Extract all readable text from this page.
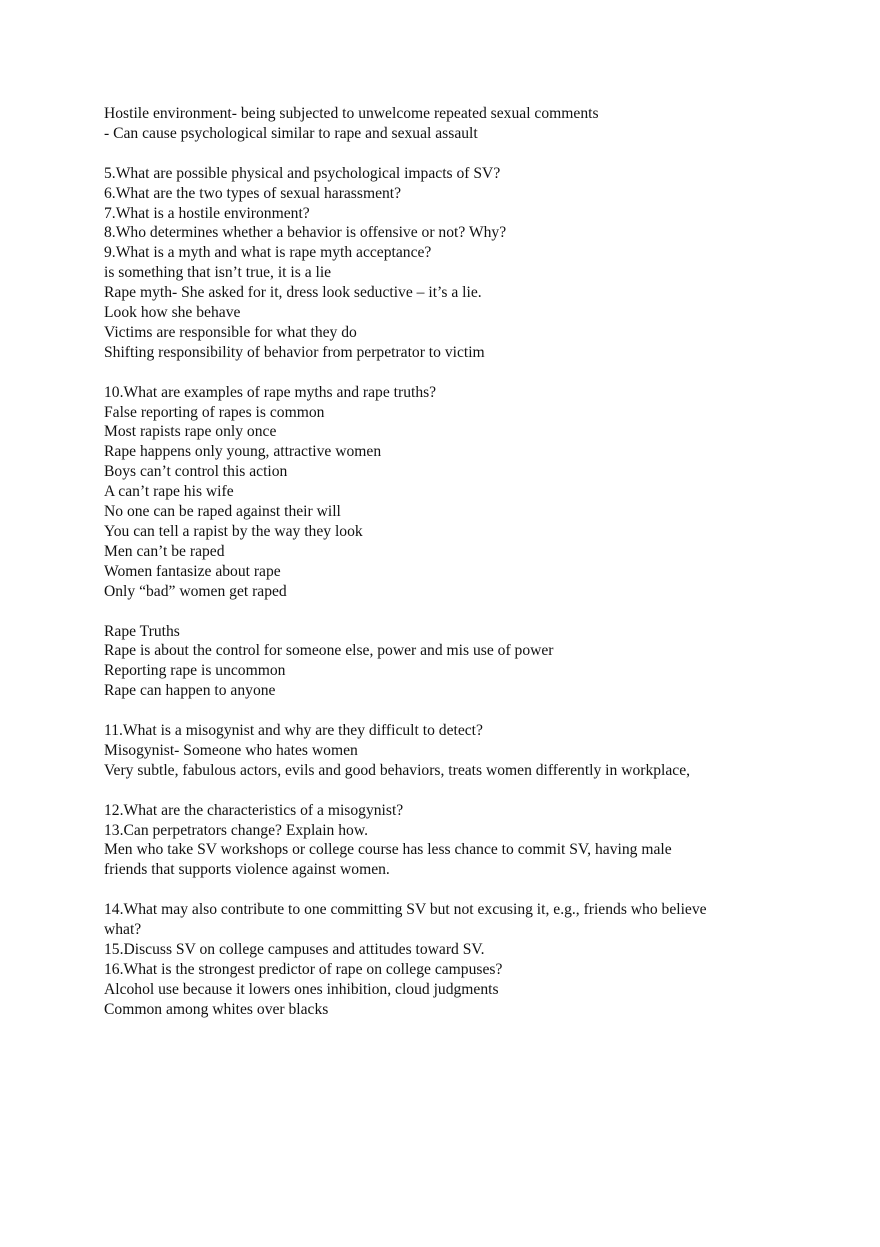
Hostile environment- being subjected to unwelcome repeated sexual comments
- Can cause psychological similar to rape and sexual assault
5.What are possible physical and psychological impacts of SV?
6.What are the two types of sexual harassment?
7.What is a hostile environment?
8.Who determines whether a behavior is offensive or not? Why?
9.What is a myth and what is rape myth acceptance?
is something that isn’t true, it is a lie
Rape myth- She asked for it, dress look seductive – it’s a lie.
Look how she behave
Victims are responsible for what they do
Shifting responsibility of behavior from perpetrator to victim
10.What are examples of rape myths and rape truths?
False reporting of rapes is common
Most rapists rape only once
Rape happens only young, attractive women
Boys can’t control this action
A can’t rape his wife
No one can be raped against their will
You can tell a rapist by the way they look
Men can’t be raped
Women fantasize about rape
Only “bad” women get raped
Rape Truths
Rape is about the control for someone else, power and mis use of power
Reporting rape is uncommon
Rape can happen to anyone
11.What is a misogynist and why are they difficult to detect?
Misogynist- Someone who hates women
Very subtle, fabulous actors, evils and good behaviors, treats women differently in workplace,
12.What are the characteristics of a misogynist?
13.Can perpetrators change? Explain how.
Men who take SV workshops or college course has less chance to commit SV, having male
friends that supports violence against women.
14.What may also contribute to one committing SV but not excusing it, e.g., friends who believe
what?
15.Discuss SV on college campuses and attitudes toward SV.
16.What is the strongest predictor of rape on college campuses?
Alcohol use because it lowers ones inhibition, cloud judgments
Common among whites over blacks
